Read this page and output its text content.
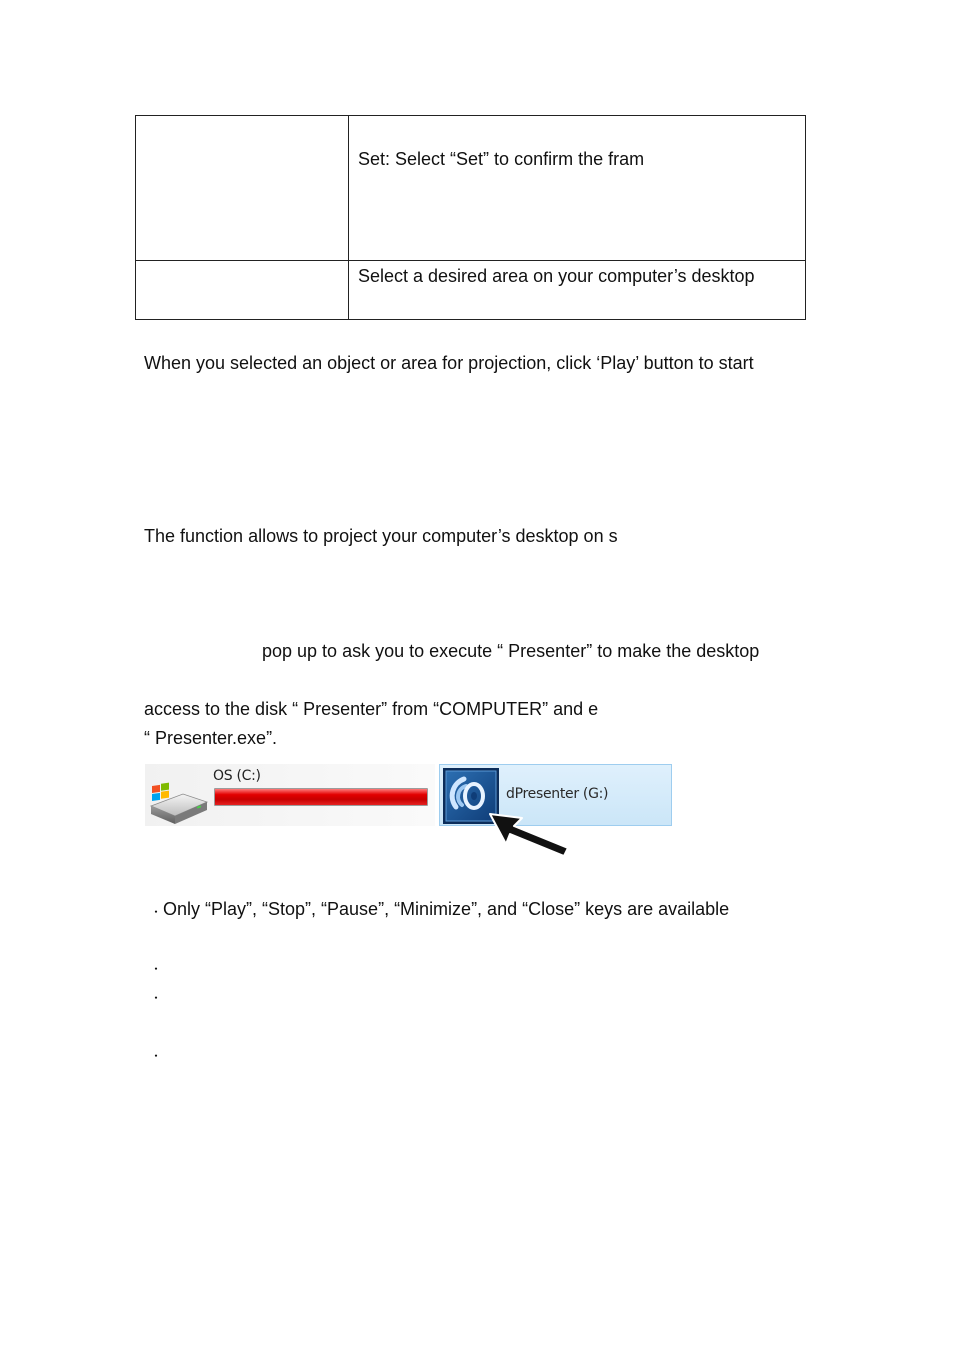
	Set: Select “Set” to confirm the fram

	Select a desired area on your computer’s desktop
When you selected an object or area for projection, click ‘Play’ button to start
The function allows to project your computer’s desktop on s
pop up to ask you to execute “ Presenter” to make the desktop
access to the disk “ Presenter” from “COMPUTER” and e
“ Presenter.exe”.
OS (C:)
dPresenter (G:)
・ Only “Play”, “Stop”, “Pause”, “Minimize”, and “Close” keys are available
・
・
・
